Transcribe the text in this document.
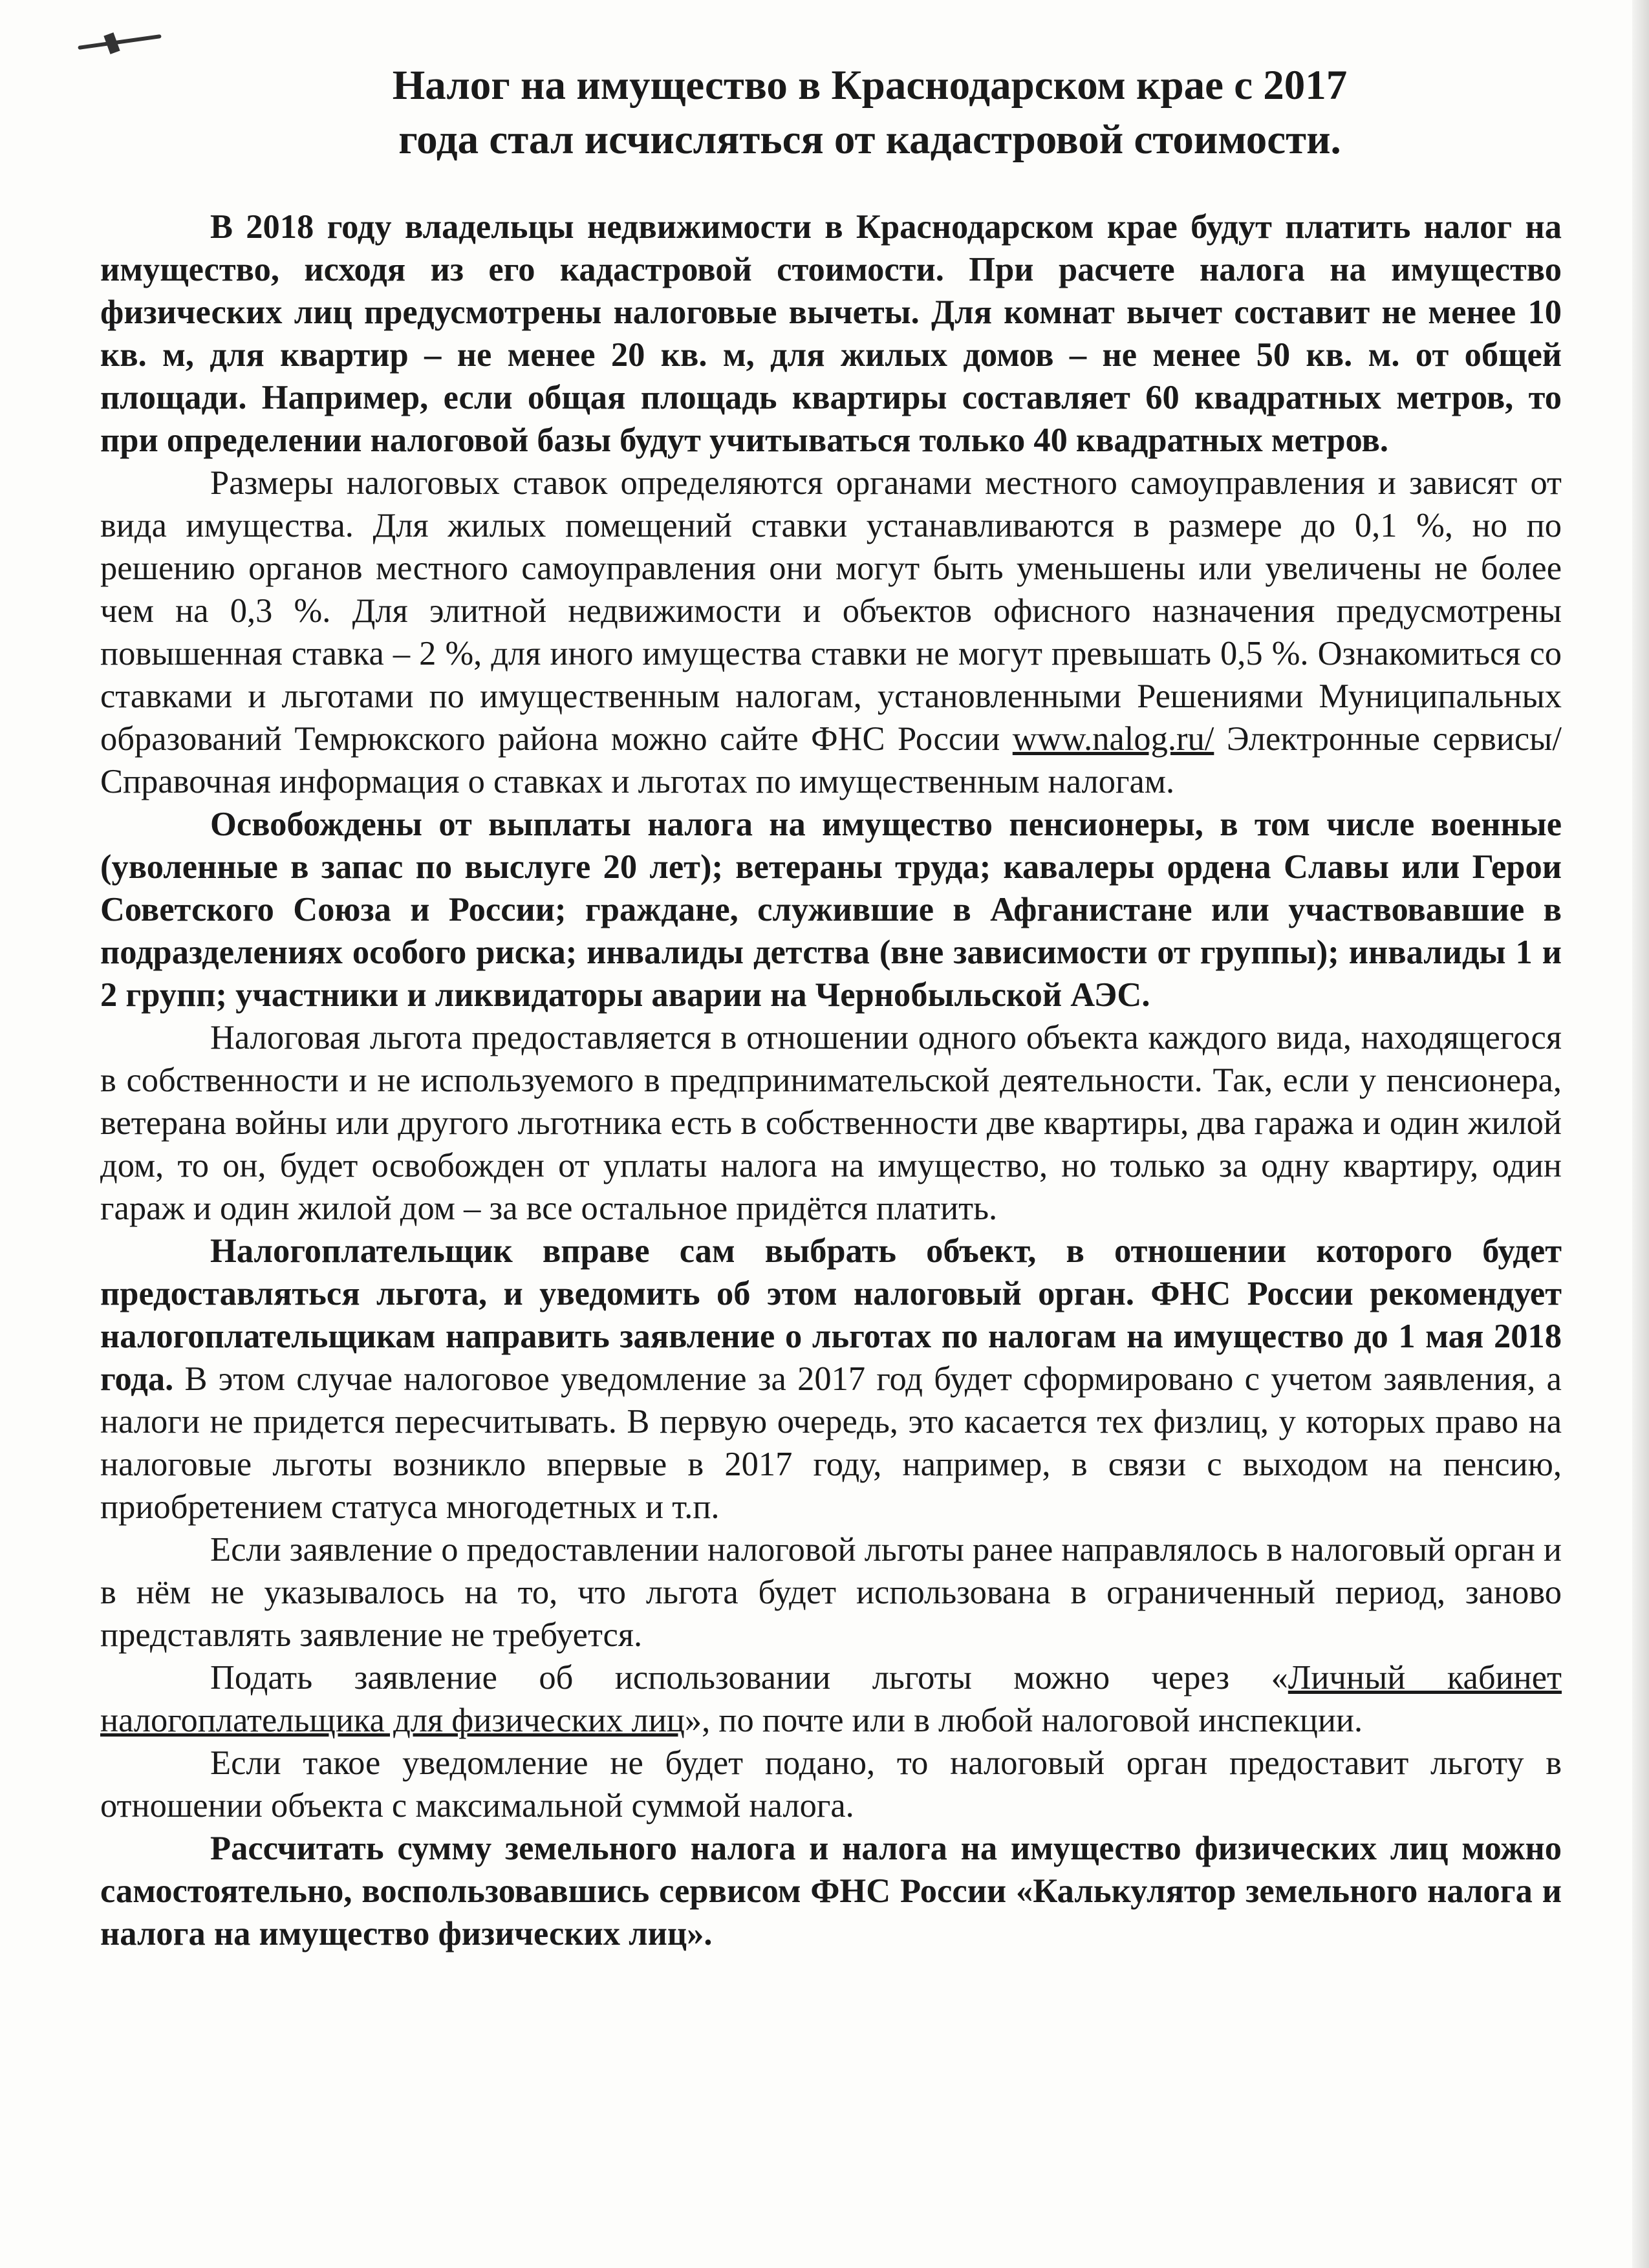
Налог на имущество в Краснодарском крае с 2017
года стал исчисляться от кадастровой стоимости.

В 2018 году владельцы недвижимости в Краснодарском крае будут платить налог на имущество, исходя из его кадастровой стоимости. При расчете налога на имущество физических лиц предусмотрены налоговые вычеты. Для комнат вычет составит не менее 10 кв. м, для квартир – не менее 20 кв. м, для жилых домов – не менее 50 кв. м. от общей площади. Например, если общая площадь квартиры составляет 60 квадратных метров, то при определении налоговой базы будут учитываться только 40 квадратных метров.

Размеры налоговых ставок определяются органами местного самоуправления и зависят от вида имущества. Для жилых помещений ставки устанавливаются в размере до 0,1 %, но по решению органов местного самоуправления они могут быть уменьшены или увеличены не более чем на 0,3 %. Для элитной недвижимости и объектов офисного назначения предусмотрены повышенная ставка – 2 %, для иного имущества ставки не могут превышать 0,5 %. Ознакомиться со ставками и льготами по имущественным налогам, установленными Решениями Муниципальных образований Темрюкского района можно сайте ФНС России www.nalog.ru/ Электронные сервисы/ Справочная информация о ставках и льготах по имущественным налогам.

Освобождены от выплаты налога на имущество пенсионеры, в том числе военные (уволенные в запас по выслуге 20 лет); ветераны труда; кавалеры ордена Славы или Герои Советского Союза и России; граждане, служившие в Афганистане или участвовавшие в подразделениях особого риска; инвалиды детства (вне зависимости от группы); инвалиды 1 и 2 групп; участники и ликвидаторы аварии на Чернобыльской АЭС.

Налоговая льгота предоставляется в отношении одного объекта каждого вида, находящегося в собственности и не используемого в предпринимательской деятельности. Так, если у пенсионера, ветерана войны или другого льготника есть в собственности две квартиры, два гаража и один жилой дом, то он, будет освобожден от уплаты налога на имущество, но только за одну квартиру, один гараж и один жилой дом – за все остальное придётся платить.

Налогоплательщик вправе сам выбрать объект, в отношении которого будет предоставляться льгота, и уведомить об этом налоговый орган. ФНС России рекомендует налогоплательщикам направить заявление о льготах по налогам на имущество до 1 мая 2018 года. В этом случае налоговое уведомление за 2017 год будет сформировано с учетом заявления, а налоги не придется пересчитывать. В первую очередь, это касается тех физлиц, у которых право на налоговые льготы возникло впервые в 2017 году, например, в связи с выходом на пенсию, приобретением статуса многодетных и т.п.

Если заявление о предоставлении налоговой льготы ранее направлялось в налоговый орган и в нём не указывалось на то, что льгота будет использована в ограниченный период, заново представлять заявление не требуется.

Подать заявление об использовании льготы можно через «Личный кабинет налогоплательщика для физических лиц», по почте или в любой налоговой инспекции.

Если такое уведомление не будет подано, то налоговый орган предоставит льготу в отношении объекта с максимальной суммой налога.

Рассчитать сумму земельного налога и налога на имущество физических лиц можно самостоятельно, воспользовавшись сервисом ФНС России «Калькулятор земельного налога и налога на имущество физических лиц».
